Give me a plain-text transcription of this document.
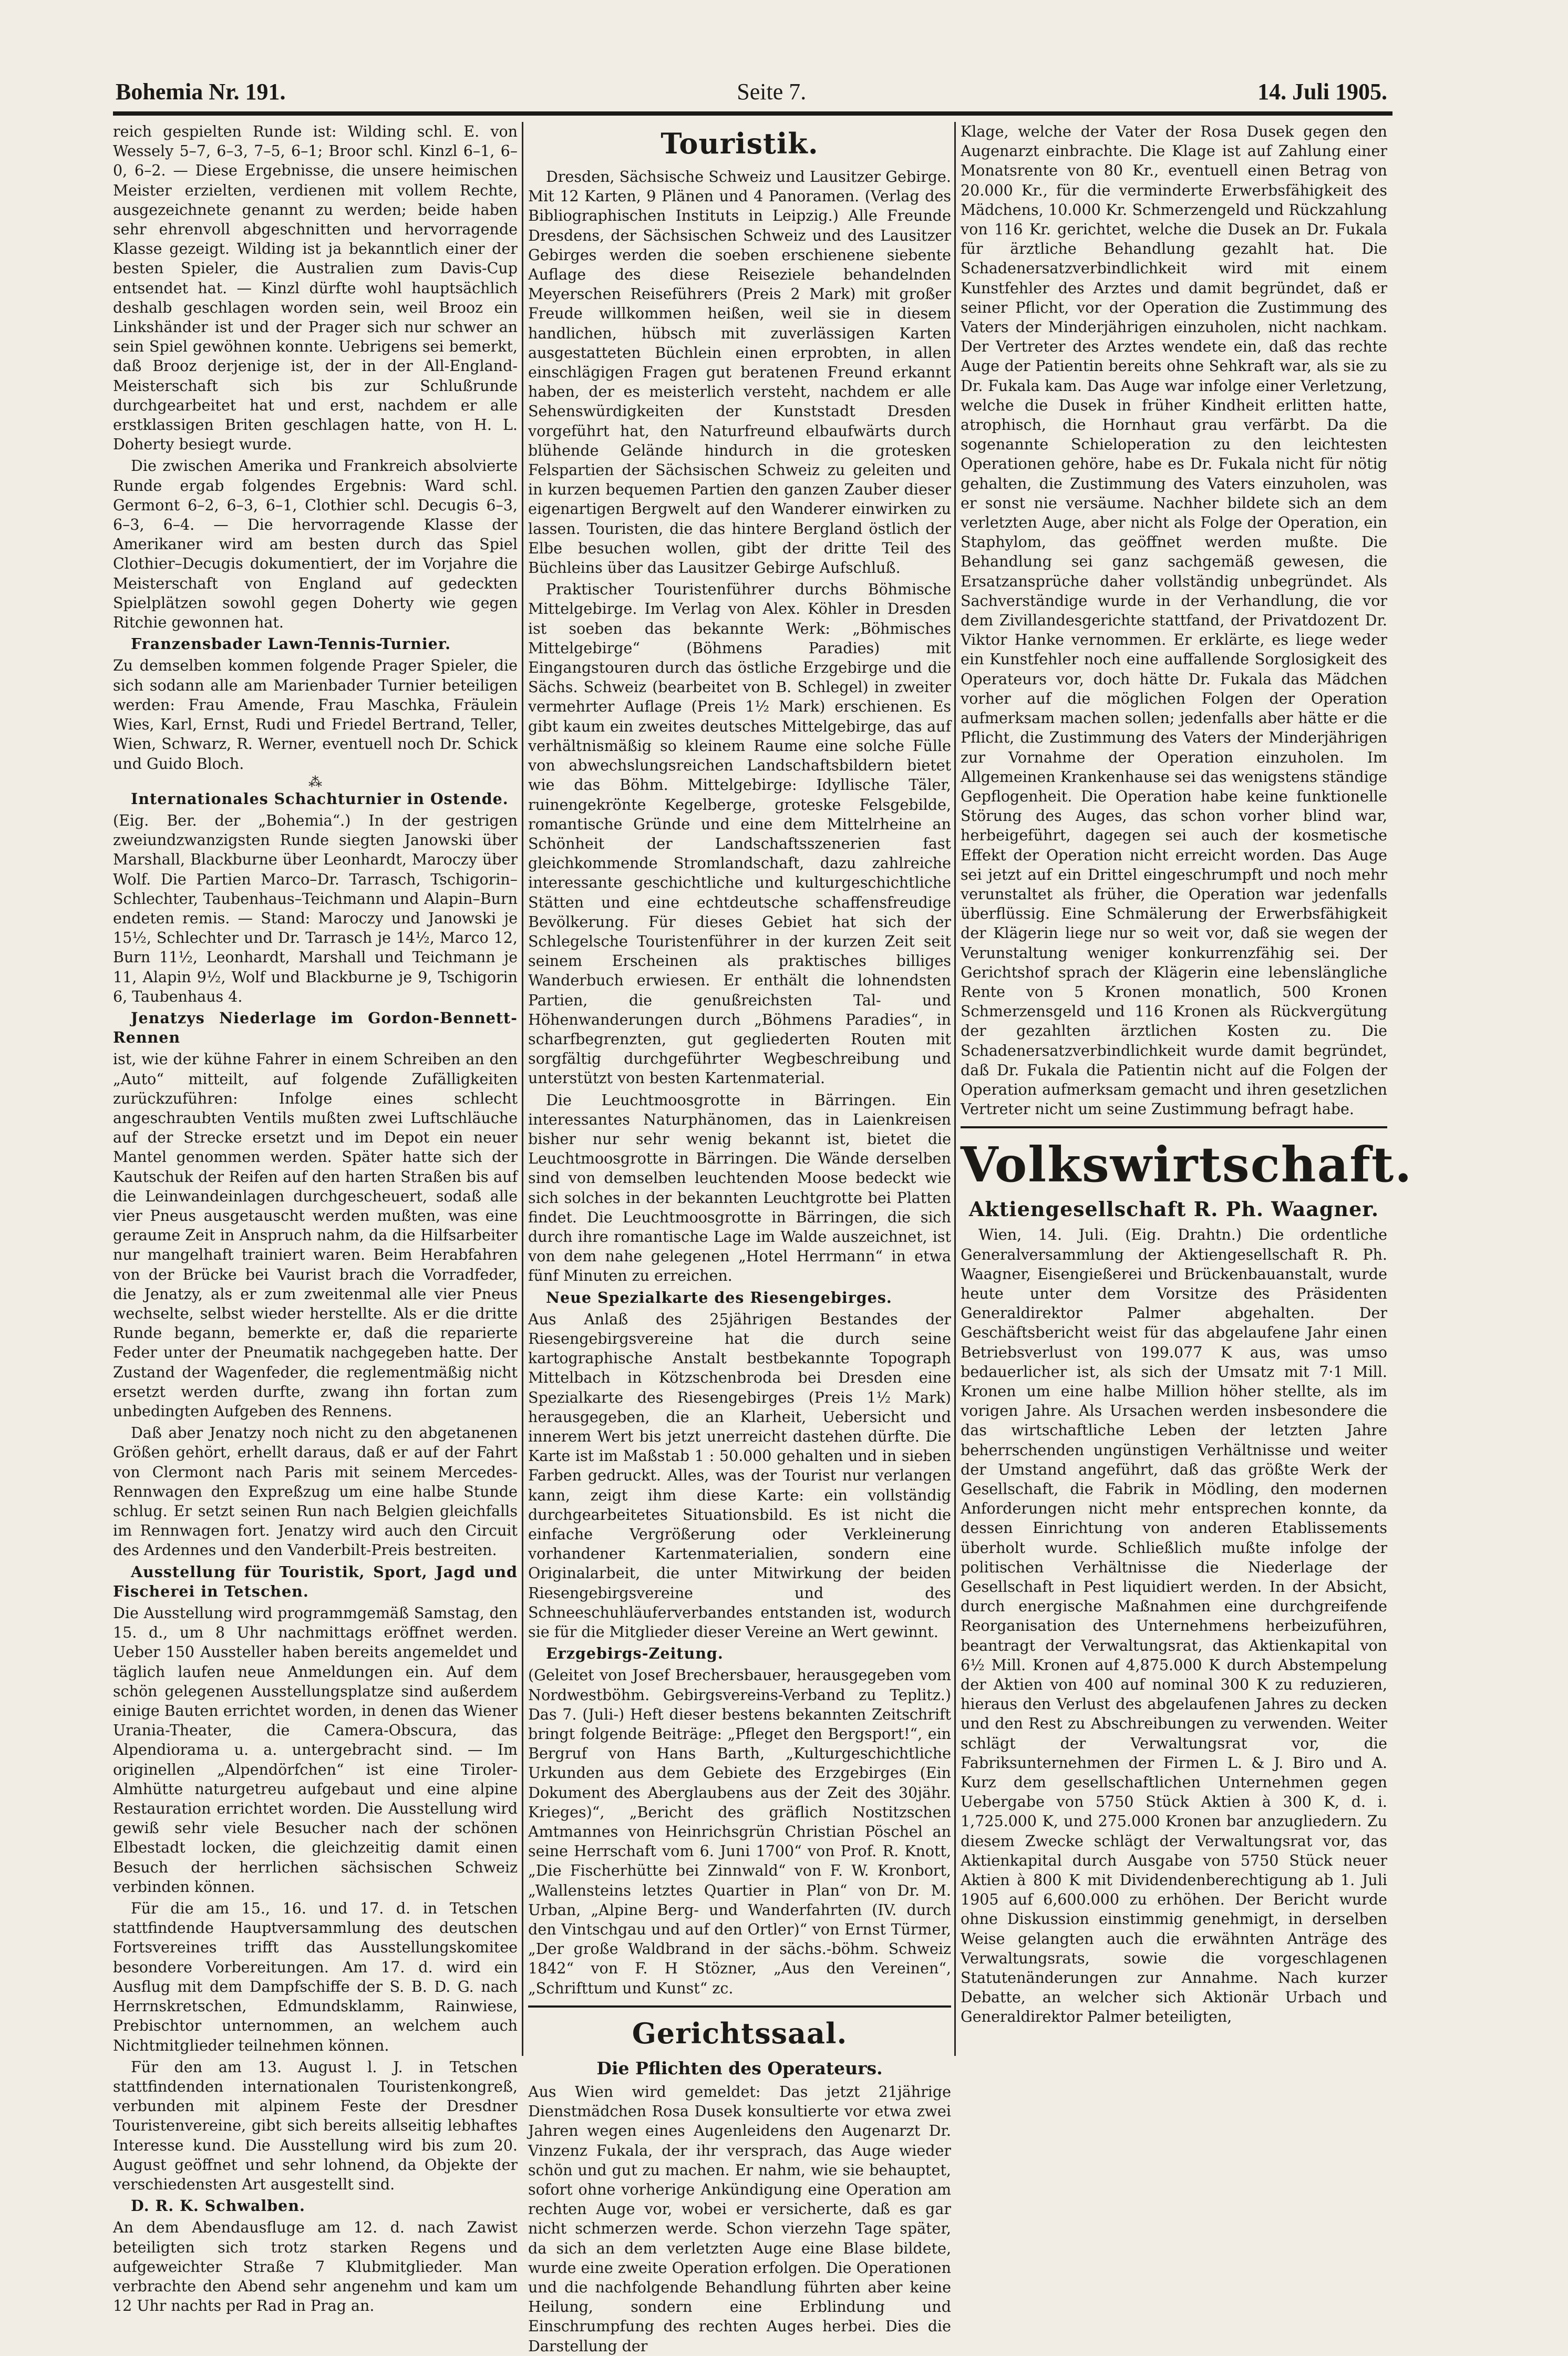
Bohemia Nr. 191.	Seite 7.	14. Juli 1905.

reich gespielten Runde ist: Wilding schl. E. von Wessely 5–7, 6–3, 7–5, 6–1; Broor schl. Kinzl 6–1, 6–0, 6–2. — Diese Ergebnisse, die unsere heimischen Meister erzielten, verdienen mit vollem Rechte, ausgezeichnete genannt zu werden; beide haben sehr ehrenvoll abgeschnitten und hervorragende Klasse gezeigt. Wilding ist ja bekanntlich einer der besten Spieler, die Australien zum Davis-Cup entsendet hat. — Kinzl dürfte wohl hauptsächlich deshalb geschlagen worden sein, weil Brooz ein Linkshänder ist und der Prager sich nur schwer an sein Spiel gewöhnen konnte. Uebrigens sei bemerkt, daß Brooz derjenige ist, der in der All-England-Meisterschaft sich bis zur Schlußrunde durchgearbeitet hat und erst, nachdem er alle erstklassigen Briten geschlagen hatte, von H. L. Doherty besiegt wurde.

Die zwischen Amerika und Frankreich absolvierte Runde ergab folgendes Ergebnis: Ward schl. Germont 6–2, 6–3, 6–1, Clothier schl. Decugis 6–3, 6–3, 6–4. — Die hervorragende Klasse der Amerikaner wird am besten durch das Spiel Clothier–Decugis dokumentiert, der im Vorjahre die Meisterschaft von England auf gedeckten Spielplätzen sowohl gegen Doherty wie gegen Ritchie gewonnen hat.

Franzensbader Lawn-Tennis-Turnier.

Zu demselben kommen folgende Prager Spieler, die sich sodann alle am Marienbader Turnier beteiligen werden: Frau Amende, Frau Maschka, Fräulein Wies, Karl, Ernst, Rudi und Friedel Bertrand, Teller, Wien, Schwarz, R. Werner, eventuell noch Dr. Schick und Guido Bloch.

⁂

Internationales Schachturnier in Ostende.

(Eig. Ber. der „Bohemia“.) In der gestrigen zweiundzwanzigsten Runde siegten Janowski über Marshall, Blackburne über Leonhardt, Maroczy über Wolf. Die Partien Marco–Dr. Tarrasch, Tschigorin–Schlechter, Taubenhaus–Teichmann und Alapin–Burn endeten remis. — Stand: Maroczy und Janowski je 15½, Schlechter und Dr. Tarrasch je 14½, Marco 12, Burn 11½, Leonhardt, Marshall und Teichmann je 11, Alapin 9½, Wolf und Blackburne je 9, Tschigorin 6, Taubenhaus 4.

Jenatzys Niederlage im Gordon-Bennett-Rennen

ist, wie der kühne Fahrer in einem Schreiben an den „Auto“ mitteilt, auf folgende Zufälligkeiten zurückzuführen: Infolge eines schlecht angeschraubten Ventils mußten zwei Luftschläuche auf der Strecke ersetzt und im Depot ein neuer Mantel genommen werden. Später hatte sich der Kautschuk der Reifen auf den harten Straßen bis auf die Leinwandeinlagen durchgescheuert, sodaß alle vier Pneus ausgetauscht werden mußten, was eine geraume Zeit in Anspruch nahm, da die Hilfsarbeiter nur mangelhaft trainiert waren. Beim Herabfahren von der Brücke bei Vaurist brach die Vorradfeder, die Jenatzy, als er zum zweitenmal alle vier Pneus wechselte, selbst wieder herstellte. Als er die dritte Runde begann, bemerkte er, daß die reparierte Feder unter der Pneumatik nachgegeben hatte. Der Zustand der Wagenfeder, die reglementmäßig nicht ersetzt werden durfte, zwang ihn fortan zum unbedingten Aufgeben des Rennens.

Daß aber Jenatzy noch nicht zu den abgetanenen Größen gehört, erhellt daraus, daß er auf der Fahrt von Clermont nach Paris mit seinem Mercedes-Rennwagen den Expreßzug um eine halbe Stunde schlug. Er setzt seinen Run nach Belgien gleichfalls im Rennwagen fort. Jenatzy wird auch den Circuit des Ardennes und den Vanderbilt-Preis bestreiten.

Ausstellung für Touristik, Sport, Jagd und Fischerei in Tetschen.

Die Ausstellung wird programmgemäß Samstag, den 15. d., um 8 Uhr nachmittags eröffnet werden. Ueber 150 Aussteller haben bereits angemeldet und täglich laufen neue Anmeldungen ein. Auf dem schön gelegenen Ausstellungsplatze sind außerdem einige Bauten errichtet worden, in denen das Wiener Urania-Theater, die Camera-Obscura, das Alpendiorama u. a. untergebracht sind. — Im originellen „Alpendörfchen“ ist eine Tiroler-Almhütte naturgetreu aufgebaut und eine alpine Restauration errichtet worden. Die Ausstellung wird gewiß sehr viele Besucher nach der schönen Elbestadt locken, die gleichzeitig damit einen Besuch der herrlichen sächsischen Schweiz verbinden können.

Für die am 15., 16. und 17. d. in Tetschen stattfindende Hauptversammlung des deutschen Fortsvereines trifft das Ausstellungskomitee besondere Vorbereitungen. Am 17. d. wird ein Ausflug mit dem Dampfschiffe der S. B. D. G. nach Herrnskretschen, Edmundsklamm, Rainwiese, Prebischtor unternommen, an welchem auch Nichtmitglieder teilnehmen können.

Für den am 13. August l. J. in Tetschen stattfindenden internationalen Touristenkongreß, verbunden mit alpinem Feste der Dresdner Touristenvereine, gibt sich bereits allseitig lebhaftes Interesse kund. Die Ausstellung wird bis zum 20. August geöffnet und sehr lohnend, da Objekte der verschiedensten Art ausgestellt sind.

D. R. K. Schwalben.

An dem Abendausfluge am 12. d. nach Zawist beteiligten sich trotz starken Regens und aufgeweichter Straße 7 Klubmitglieder. Man verbrachte den Abend sehr angenehm und kam um 12 Uhr nachts per Rad in Prag an.

Touristik.

Dresden, Sächsische Schweiz und Lausitzer Gebirge. Mit 12 Karten, 9 Plänen und 4 Panoramen. (Verlag des Bibliographischen Instituts in Leipzig.) Alle Freunde Dresdens, der Sächsischen Schweiz und des Lausitzer Gebirges werden die soeben erschienene siebente Auflage des diese Reiseziele behandelnden Meyerschen Reiseführers (Preis 2 Mark) mit großer Freude willkommen heißen, weil sie in diesem handlichen, hübsch mit zuverlässigen Karten ausgestatteten Büchlein einen erprobten, in allen einschlägigen Fragen gut beratenen Freund erkannt haben, der es meisterlich versteht, nachdem er alle Sehenswürdigkeiten der Kunststadt Dresden vorgeführt hat, den Naturfreund elbaufwärts durch blühende Gelände hindurch in die grotesken Felspartien der Sächsischen Schweiz zu geleiten und in kurzen bequemen Partien den ganzen Zauber dieser eigenartigen Bergwelt auf den Wanderer einwirken zu lassen. Touristen, die das hintere Bergland östlich der Elbe besuchen wollen, gibt der dritte Teil des Büchleins über das Lausitzer Gebirge Aufschluß.

Praktischer Touristenführer durchs Böhmische Mittelgebirge. Im Verlag von Alex. Köhler in Dresden ist soeben das bekannte Werk: „Böhmisches Mittelgebirge“ (Böhmens Paradies) mit Eingangstouren durch das östliche Erzgebirge und die Sächs. Schweiz (bearbeitet von B. Schlegel) in zweiter vermehrter Auflage (Preis 1½ Mark) erschienen. Es gibt kaum ein zweites deutsches Mittelgebirge, das auf verhältnismäßig so kleinem Raume eine solche Fülle von abwechslungsreichen Landschaftsbildern bietet wie das Böhm. Mittelgebirge: Idyllische Täler, ruinengekrönte Kegelberge, groteske Felsgebilde, romantische Gründe und eine dem Mittelrheine an Schönheit der Landschaftsszenerien fast gleichkommende Stromlandschaft, dazu zahlreiche interessante geschichtliche und kulturgeschichtliche Stätten und eine echtdeutsche schaffensfreudige Bevölkerung. Für dieses Gebiet hat sich der Schlegelsche Touristenführer in der kurzen Zeit seit seinem Erscheinen als praktisches billiges Wanderbuch erwiesen. Er enthält die lohnendsten Partien, die genußreichsten Tal- und Höhenwanderungen durch „Böhmens Paradies“, in scharfbegrenzten, gut gegliederten Routen mit sorgfältig durchgeführter Wegbeschreibung und unterstützt von besten Kartenmaterial.

Die Leuchtmoosgrotte in Bärringen. Ein interessantes Naturphänomen, das in Laienkreisen bisher nur sehr wenig bekannt ist, bietet die Leuchtmoosgrotte in Bärringen. Die Wände derselben sind von demselben leuchtenden Moose bedeckt wie sich solches in der bekannten Leuchtgrotte bei Platten findet. Die Leuchtmoosgrotte in Bärringen, die sich durch ihre romantische Lage im Walde auszeichnet, ist von dem nahe gelegenen „Hotel Herrmann“ in etwa fünf Minuten zu erreichen.

Neue Spezialkarte des Riesengebirges.

Aus Anlaß des 25jährigen Bestandes der Riesengebirgsvereine hat die durch seine kartographische Anstalt bestbekannte Topograph Mittelbach in Kötzschenbroda bei Dresden eine Spezialkarte des Riesengebirges (Preis 1½ Mark) herausgegeben, die an Klarheit, Uebersicht und innerem Wert bis jetzt unerreicht dastehen dürfte. Die Karte ist im Maßstab 1 : 50.000 gehalten und in sieben Farben gedruckt. Alles, was der Tourist nur verlangen kann, zeigt ihm diese Karte: ein vollständig durchgearbeitetes Situationsbild. Es ist nicht die einfache Vergrößerung oder Verkleinerung vorhandener Kartenmaterialien, sondern eine Originalarbeit, die unter Mitwirkung der beiden Riesengebirgsvereine und des Schneeschuhläuferverbandes entstanden ist, wodurch sie für die Mitglieder dieser Vereine an Wert gewinnt.

Erzgebirgs-Zeitung.

(Geleitet von Josef Brechersbauer, herausgegeben vom Nordwestböhm. Gebirgsvereins-Verband zu Teplitz.) Das 7. (Juli-) Heft dieser bestens bekannten Zeitschrift bringt folgende Beiträge: „Pfleget den Bergsport!“, ein Bergruf von Hans Barth, „Kulturgeschichtliche Urkunden aus dem Gebiete des Erzgebirges (Ein Dokument des Aberglaubens aus der Zeit des 30jähr. Krieges)“, „Bericht des gräflich Nostitzschen Amtmannes von Heinrichsgrün Christian Pöschel an seine Herrschaft vom 6. Juni 1700“ von Prof. R. Knott, „Die Fischerhütte bei Zinnwald“ von F. W. Kronbort, „Wallensteins letztes Quartier in Plan“ von Dr. M. Urban, „Alpine Berg- und Wanderfahrten (IV. durch den Vintschgau und auf den Ortler)“ von Ernst Türmer, „Der große Waldbrand in der sächs.-böhm. Schweiz 1842“ von F. H Stözner, „Aus den Vereinen“, „Schrifttum und Kunst“ zc.

Gerichtssaal.
Die Pflichten des Operateurs.

Aus Wien wird gemeldet: Das jetzt 21jährige Dienstmädchen Rosa Dusek konsultierte vor etwa zwei Jahren wegen eines Augenleidens den Augenarzt Dr. Vinzenz Fukala, der ihr versprach, das Auge wieder schön und gut zu machen. Er nahm, wie sie behauptet, sofort ohne vorherige Ankündigung eine Operation am rechten Auge vor, wobei er versicherte, daß es gar nicht schmerzen werde. Schon vierzehn Tage später, da sich an dem verletzten Auge eine Blase bildete, wurde eine zweite Operation erfolgen. Die Operationen und die nachfolgende Behandlung führten aber keine Heilung, sondern eine Erblindung und Einschrumpfung des rechten Auges herbei. Dies die Darstellung der

Klage, welche der Vater der Rosa Dusek gegen den Augenarzt einbrachte. Die Klage ist auf Zahlung einer Monatsrente von 80 Kr., eventuell einen Betrag von 20.000 Kr., für die verminderte Erwerbsfähigkeit des Mädchens, 10.000 Kr. Schmerzengeld und Rückzahlung von 116 Kr. gerichtet, welche die Dusek an Dr. Fukala für ärztliche Behandlung gezahlt hat. Die Schadenersatzverbindlichkeit wird mit einem Kunstfehler des Arztes und damit begründet, daß er seiner Pflicht, vor der Operation die Zustimmung des Vaters der Minderjährigen einzuholen, nicht nachkam. Der Vertreter des Arztes wendete ein, daß das rechte Auge der Patientin bereits ohne Sehkraft war, als sie zu Dr. Fukala kam. Das Auge war infolge einer Verletzung, welche die Dusek in früher Kindheit erlitten hatte, atrophisch, die Hornhaut grau verfärbt. Da die sogenannte Schieloperation zu den leichtesten Operationen gehöre, habe es Dr. Fukala nicht für nötig gehalten, die Zustimmung des Vaters einzuholen, was er sonst nie versäume. Nachher bildete sich an dem verletzten Auge, aber nicht als Folge der Operation, ein Staphylom, das geöffnet werden mußte. Die Behandlung sei ganz sachgemäß gewesen, die Ersatzansprüche daher vollständig unbegründet. Als Sachverständige wurde in der Verhandlung, die vor dem Zivillandesgerichte stattfand, der Privatdozent Dr. Viktor Hanke vernommen. Er erklärte, es liege weder ein Kunstfehler noch eine auffallende Sorglosigkeit des Operateurs vor, doch hätte Dr. Fukala das Mädchen vorher auf die möglichen Folgen der Operation aufmerksam machen sollen; jedenfalls aber hätte er die Pflicht, die Zustimmung des Vaters der Minderjährigen zur Vornahme der Operation einzuholen. Im Allgemeinen Krankenhause sei das wenigstens ständige Gepflogenheit. Die Operation habe keine funktionelle Störung des Auges, das schon vorher blind war, herbeigeführt, dagegen sei auch der kosmetische Effekt der Operation nicht erreicht worden. Das Auge sei jetzt auf ein Drittel eingeschrumpft und noch mehr verunstaltet als früher, die Operation war jedenfalls überflüssig. Eine Schmälerung der Erwerbsfähigkeit der Klägerin liege nur so weit vor, daß sie wegen der Verunstaltung weniger konkurrenzfähig sei. Der Gerichtshof sprach der Klägerin eine lebenslängliche Rente von 5 Kronen monatlich, 500 Kronen Schmerzensgeld und 116 Kronen als Rückvergütung der gezahlten ärztlichen Kosten zu. Die Schadenersatzverbindlichkeit wurde damit begründet, daß Dr. Fukala die Patientin nicht auf die Folgen der Operation aufmerksam gemacht und ihren gesetzlichen Vertreter nicht um seine Zustimmung befragt habe.

Volkswirtschaft.
Aktiengesellschaft R. Ph. Waagner.

Wien, 14. Juli. (Eig. Drahtn.) Die ordentliche Generalversammlung der Aktiengesellschaft R. Ph. Waagner, Eisengießerei und Brückenbauanstalt, wurde heute unter dem Vorsitze des Präsidenten Generaldirektor Palmer abgehalten. Der Geschäftsbericht weist für das abgelaufene Jahr einen Betriebsverlust von 199.077 K aus, was umso bedauerlicher ist, als sich der Umsatz mit 7·1 Mill. Kronen um eine halbe Million höher stellte, als im vorigen Jahre. Als Ursachen werden insbesondere die das wirtschaftliche Leben der letzten Jahre beherrschenden ungünstigen Verhältnisse und weiter der Umstand angeführt, daß das größte Werk der Gesellschaft, die Fabrik in Mödling, den modernen Anforderungen nicht mehr entsprechen konnte, da dessen Einrichtung von anderen Etablissements überholt wurde. Schließlich mußte infolge der politischen Verhältnisse die Niederlage der Gesellschaft in Pest liquidiert werden. In der Absicht, durch energische Maßnahmen eine durchgreifende Reorganisation des Unternehmens herbeizuführen, beantragt der Verwaltungsrat, das Aktienkapital von 6½ Mill. Kronen auf 4,875.000 K durch Abstempelung der Aktien von 400 auf nominal 300 K zu reduzieren, hieraus den Verlust des abgelaufenen Jahres zu decken und den Rest zu Abschreibungen zu verwenden. Weiter schlägt der Verwaltungsrat vor, die Fabriksunternehmen der Firmen L. & J. Biro und A. Kurz dem gesellschaftlichen Unternehmen gegen Uebergabe von 5750 Stück Aktien à 300 K, d. i. 1,725.000 K, und 275.000 Kronen bar anzugliedern. Zu diesem Zwecke schlägt der Verwaltungsrat vor, das Aktienkapital durch Ausgabe von 5750 Stück neuer Aktien à 800 K mit Dividendenberechtigung ab 1. Juli 1905 auf 6,600.000 zu erhöhen. Der Bericht wurde ohne Diskussion einstimmig genehmigt, in derselben Weise gelangten auch die erwähnten Anträge des Verwaltungsrats, sowie die vorgeschlagenen Statutenänderungen zur Annahme. Nach kurzer Debatte, an welcher sich Aktionär Urbach und Generaldirektor Palmer beteiligten,
